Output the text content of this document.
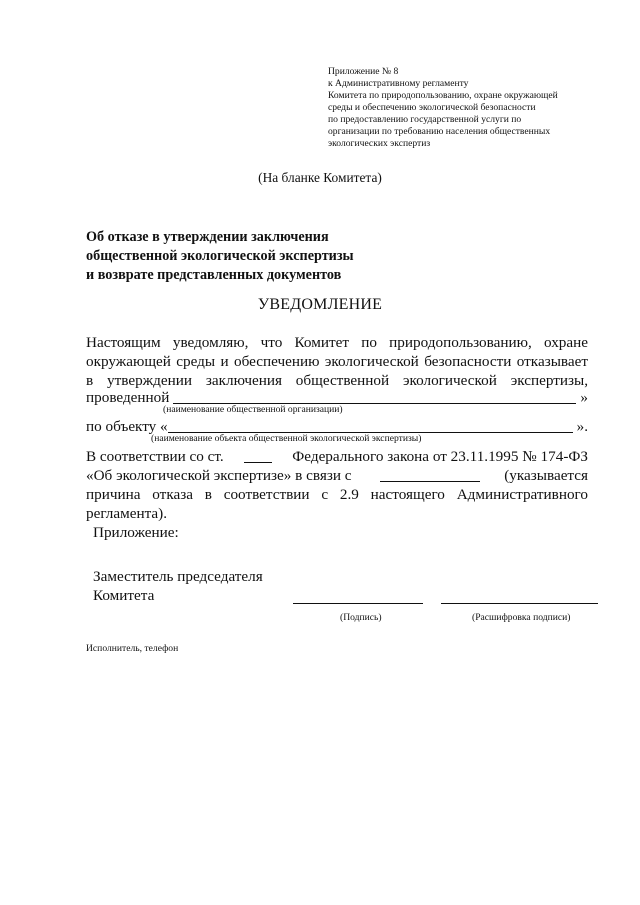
Приложение № 8
к Административному регламенту
Комитета по природопользованию, охране окружающей
среды и обеспечению экологической безопасности
по предоставлению государственной услуги по
организации по требованию населения общественных
экологических экспертиз
(На бланке Комитета)
Об отказе в утверждении заключения
общественной экологической экспертизы
и возврате представленных документов
УВЕДОМЛЕНИЕ
Настоящим уведомляю, что Комитет по природопользованию, охране
окружающей среды и обеспечению экологической безопасности отказывает
в утверждении заключения общественной экологической экспертизы,
проведенной	»
(наименование общественной организации)
по объекту «	».
(наименование объекта общественной экологической экспертизы)
В соответствии со ст.	Федерального закона от 23.11.1995 № 174-ФЗ
«Об экологической экспертизе» в связи с	(указывается
причина отказа в соответствии с 2.9 настоящего Административного
регламента).
Приложение:
Заместитель председателя
Комитета
(Подпись)	(Расшифровка подписи)
Исполнитель, телефон
